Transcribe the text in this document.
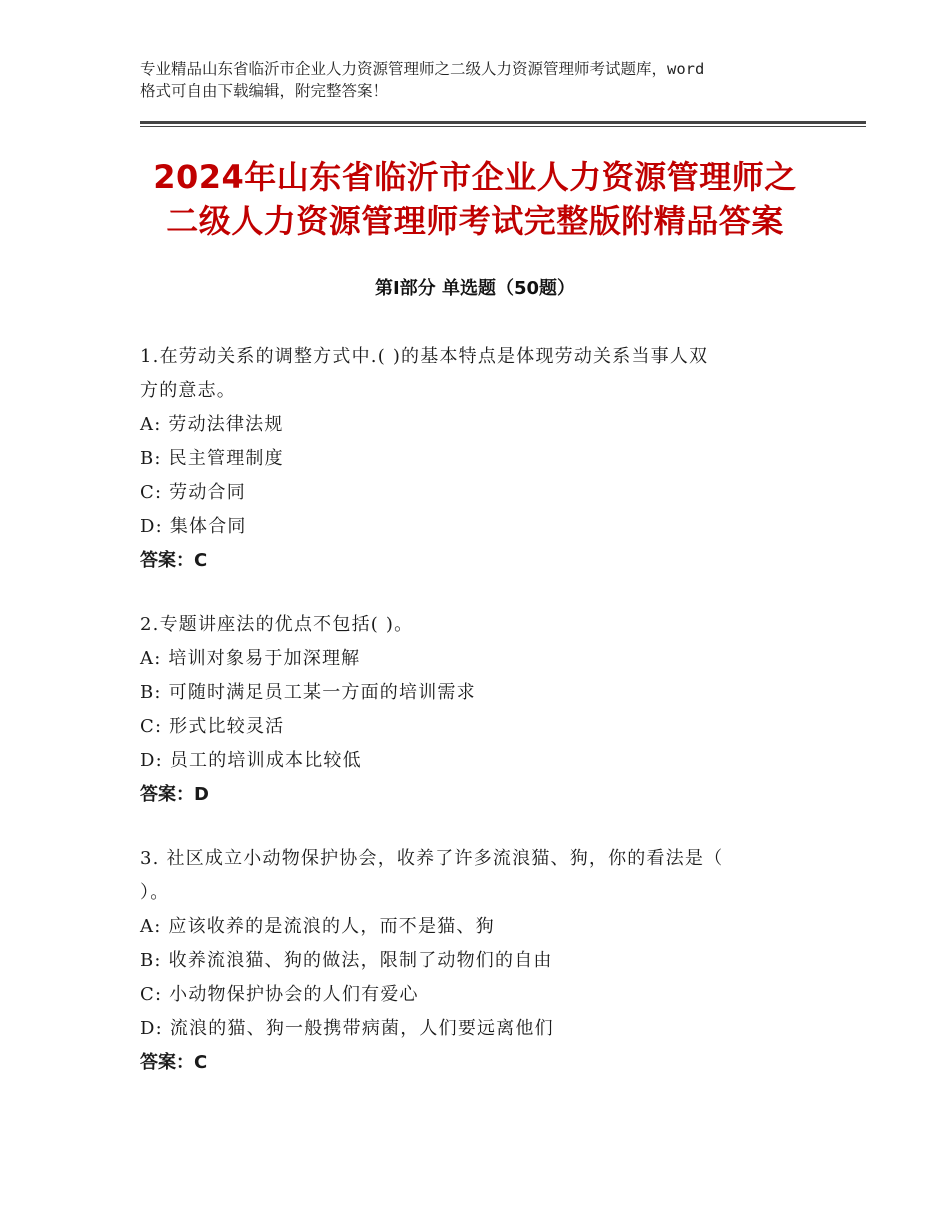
专业精品山东省临沂市企业人力资源管理师之二级人力资源管理师考试题库，word
格式可自由下载编辑，附完整答案！
2024年山东省临沂市企业人力资源管理师之
二级人力资源管理师考试完整版附精品答案
第Ⅰ部分 单选题（50题）
1.在劳动关系的调整方式中.( )的基本特点是体现劳动关系当事人双
方的意志。
A: 劳动法律法规
B: 民主管理制度
C: 劳动合同
D: 集体合同
答案：C
2.专题讲座法的优点不包括( )。
A: 培训对象易于加深理解
B: 可随时满足员工某一方面的培训需求
C: 形式比较灵活
D: 员工的培训成本比较低
答案：D
3. 社区成立小动物保护协会，收养了许多流浪猫、狗，你的看法是（
）。
A: 应该收养的是流浪的人，而不是猫、狗
B: 收养流浪猫、狗的做法，限制了动物们的自由
C: 小动物保护协会的人们有爱心
D: 流浪的猫、狗一般携带病菌，人们要远离他们
答案：C
